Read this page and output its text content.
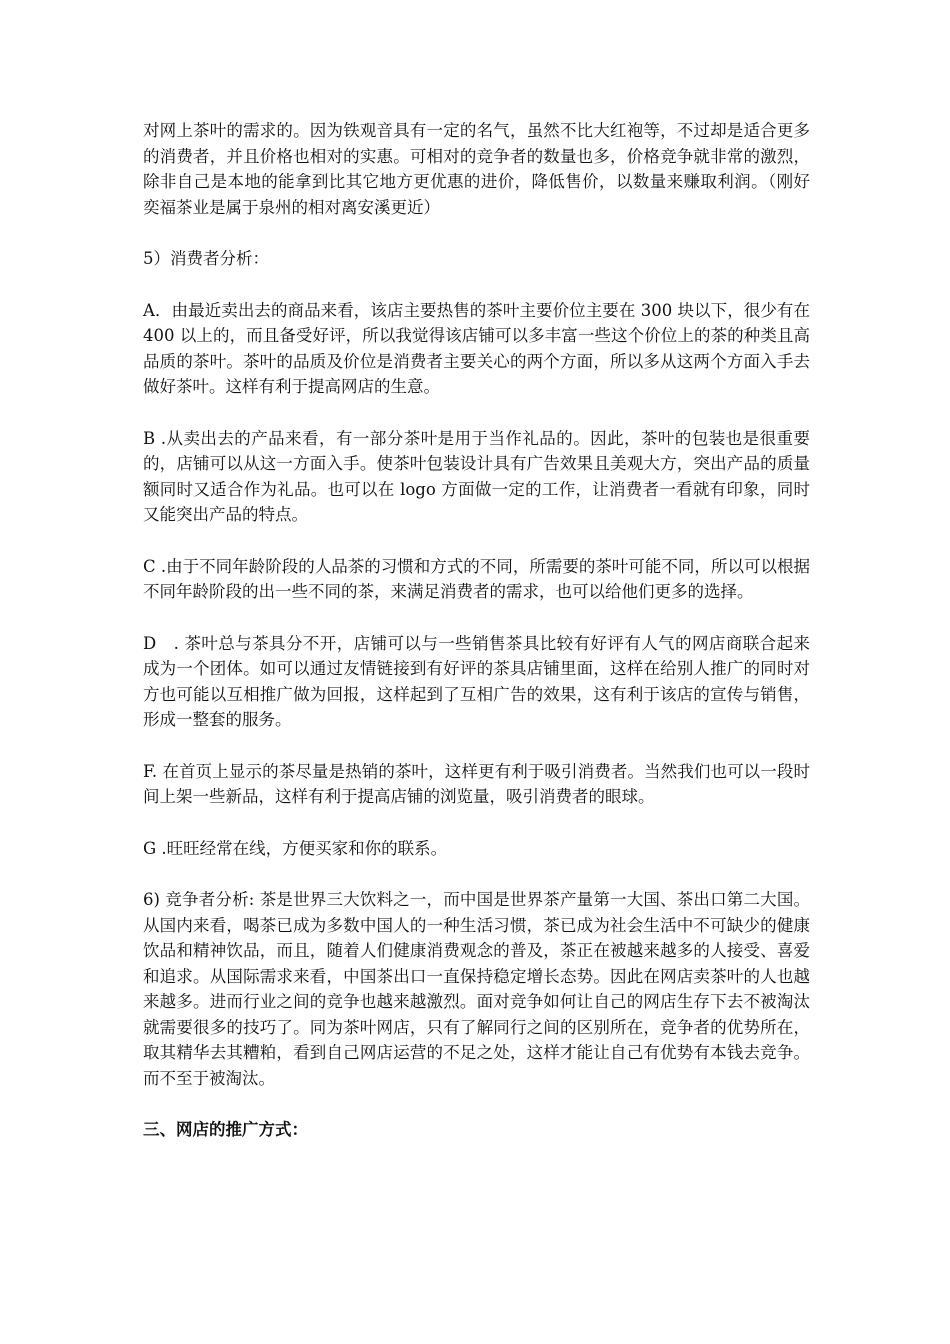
对网上茶叶的需求的。因为铁观音具有一定的名气，虽然不比大红袍等，不过却是适合更多的消费者，并且价格也相对的实惠。可相对的竞争者的数量也多，价格竞争就非常的激烈，除非自己是本地的能拿到比其它地方更优惠的进价，降低售价，以数量来赚取利润。（刚好奕福茶业是属于泉州的相对离安溪更近）

5）消费者分析：

A．由最近卖出去的商品来看，该店主要热售的茶叶主要价位主要在 300 块以下，很少有在 400 以上的，而且备受好评，所以我觉得该店铺可以多丰富一些这个价位上的茶的种类且高品质的茶叶。茶叶的品质及价位是消费者主要关心的两个方面，所以多从这两个方面入手去做好茶叶。这样有利于提高网店的生意。

B .从卖出去的产品来看，有一部分茶叶是用于当作礼品的。因此，茶叶的包装也是很重要的，店铺可以从这一方面入手。使茶叶包装设计具有广告效果且美观大方，突出产品的质量额同时又适合作为礼品。也可以在 logo 方面做一定的工作，让消费者一看就有印象，同时又能突出产品的特点。

C .由于不同年龄阶段的人品茶的习惯和方式的不同，所需要的茶叶可能不同，所以可以根据不同年龄阶段的出一些不同的茶，来满足消费者的需求，也可以给他们更多的选择。

D　. 茶叶总与茶具分不开，店铺可以与一些销售茶具比较有好评有人气的网店商联合起来成为一个团体。如可以通过友情链接到有好评的茶具店铺里面，这样在给别人推广的同时对方也可能以互相推广做为回报，这样起到了互相广告的效果，这有利于该店的宣传与销售，形成一整套的服务。

F. 在首页上显示的茶尽量是热销的茶叶，这样更有利于吸引消费者。当然我们也可以一段时间上架一些新品，这样有利于提高店铺的浏览量，吸引消费者的眼球。

G .旺旺经常在线，方便买家和你的联系。

6) 竞争者分析: 茶是世界三大饮料之一，而中国是世界茶产量第一大国、茶出口第二大国。从国内来看，喝茶已成为多数中国人的一种生活习惯，茶已成为社会生活中不可缺少的健康饮品和精神饮品，而且，随着人们健康消费观念的普及，茶正在被越来越多的人接受、喜爱和追求。从国际需求来看，中国茶出口一直保持稳定增长态势。因此在网店卖茶叶的人也越来越多。进而行业之间的竞争也越来越激烈。面对竞争如何让自己的网店生存下去不被淘汰就需要很多的技巧了。同为茶叶网店，只有了解同行之间的区别所在，竞争者的优势所在，取其精华去其糟粕，看到自己网店运营的不足之处，这样才能让自己有优势有本钱去竞争。而不至于被淘汰。

三、网店的推广方式：
